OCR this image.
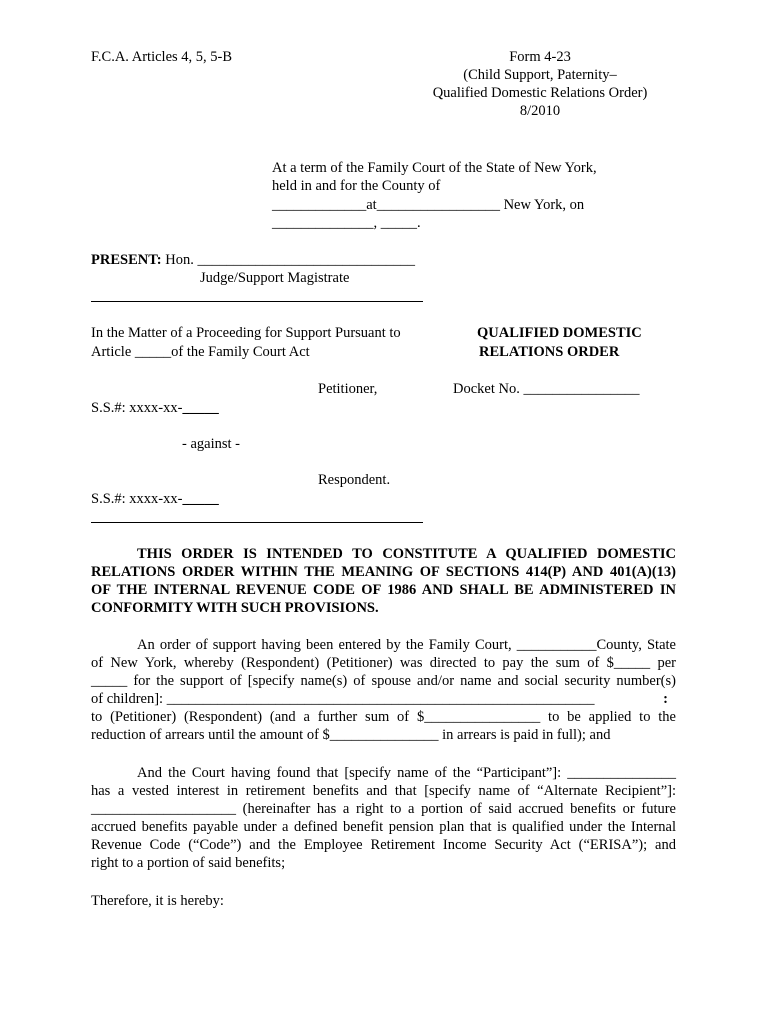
F.C.A. Articles 4, 5, 5-B	Form 4-23
(Child Support, Paternity–
Qualified Domestic Relations Order)
8/2010
At a term of the Family Court of the State of New York,
held in and for the County of
_____________at_________________ New York, on
______________, _____.
PRESENT: Hon. ______________________________
Judge/Support Magistrate
In the Matter of a Proceeding for Support Pursuant to
Article _____of the Family Court Act
QUALIFIED DOMESTIC
RELATIONS ORDER
Petitioner,	Docket No. ________________
S.S.#: xxxx-xx-_____
- against -
Respondent.
S.S.#: xxxx-xx-_____
THIS ORDER IS INTENDED TO CONSTITUTE A QUALIFIED DOMESTIC
RELATIONS ORDER WITHIN THE MEANING OF SECTIONS 414(P) AND 401(A)(13)
OF THE INTERNAL REVENUE CODE OF 1986 AND SHALL BE ADMINISTERED IN
CONFORMITY WITH SUCH PROVISIONS.
An order of support having been entered by the Family Court, ___________County, State
of New York, whereby (Respondent) (Petitioner) was directed to pay the sum of $_____ per
_____ for the support of [specify name(s) of spouse and/or name and social security number(s)
of children]: ___________________________________________________________	:
to (Petitioner) (Respondent) (and a further sum of $________________ to be applied to the
reduction of arrears until the amount of $_______________ in arrears is paid in full); and
And the Court having found that [specify name of the “Participant”]: _______________
has a vested interest in retirement benefits and that [specify name of “Alternate Recipient”]:
____________________ (hereinafter has a right to a portion of said accrued benefits or future
accrued benefits payable under a defined benefit pension plan that is qualified under the Internal
Revenue Code (“Code”) and the Employee Retirement Income Security Act (“ERISA”); and
right to a portion of said benefits;
Therefore, it is hereby:
